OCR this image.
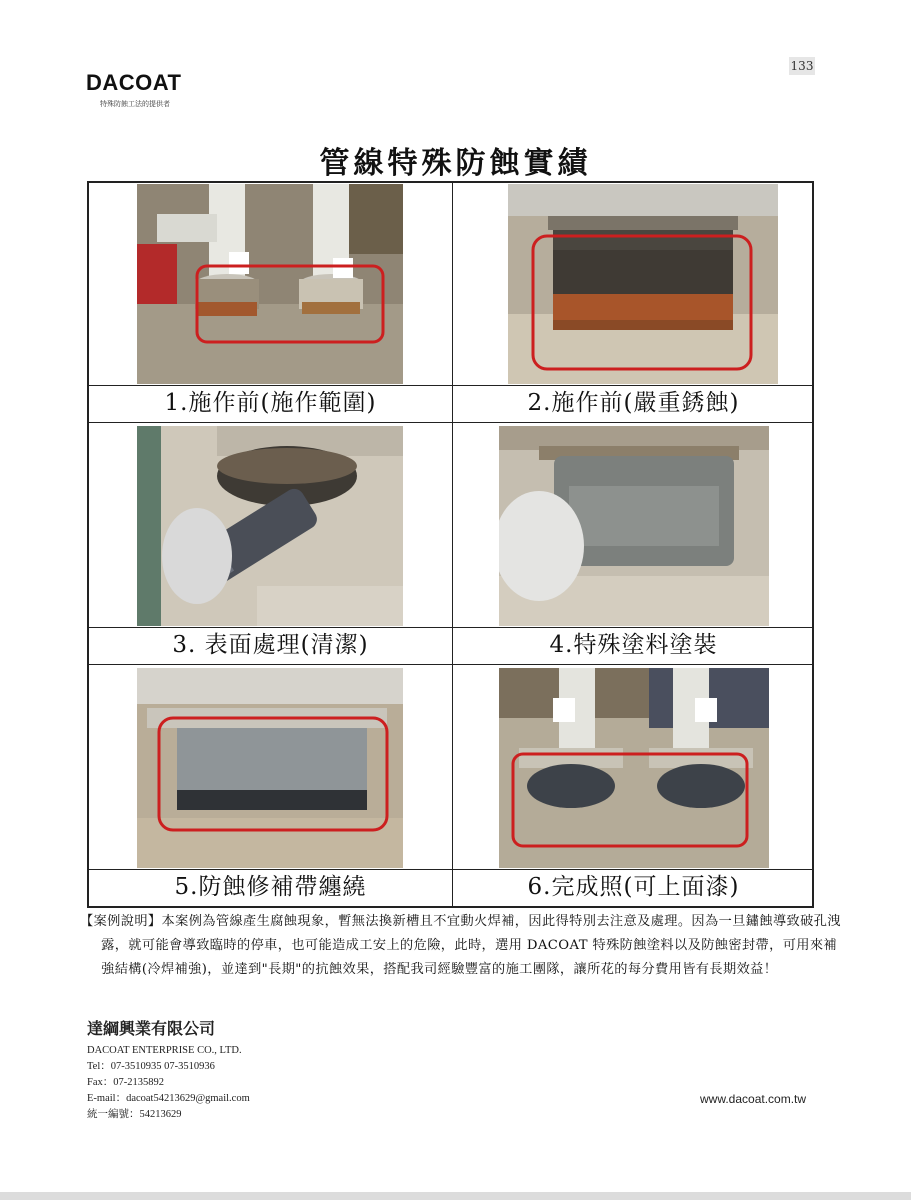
133
DACOAT
特殊防蝕工法的提供者
管線特殊防蝕實績
1.施作前(施作範圍)	2.施作前(嚴重銹蝕)
3. 表面處理(清潔)	4.特殊塗料塗裝
5.防蝕修補帶纏繞	6.完成照(可上面漆)

【案例說明】本案例為管線產生腐蝕現象，暫無法換新槽且不宜動火焊補，因此得特別去注意及處理。因為一旦鏽蝕導致破孔洩露，就可能會導致臨時的停車，也可能造成工安上的危險，此時，選用 DACOAT 特殊防蝕塗料以及防蝕密封帶，可用來補強結構(冷焊補強)，並達到"長期"的抗蝕效果，搭配我司經驗豐富的施工團隊，讓所花的每分費用皆有長期效益！

達綱興業有限公司
DACOAT ENTERPRISE CO., LTD.
Tel：07-3510935 07-3510936
Fax：07-2135892
E-mail：dacoat54213629@gmail.com
統一編號：54213629
www.dacoat.com.tw
